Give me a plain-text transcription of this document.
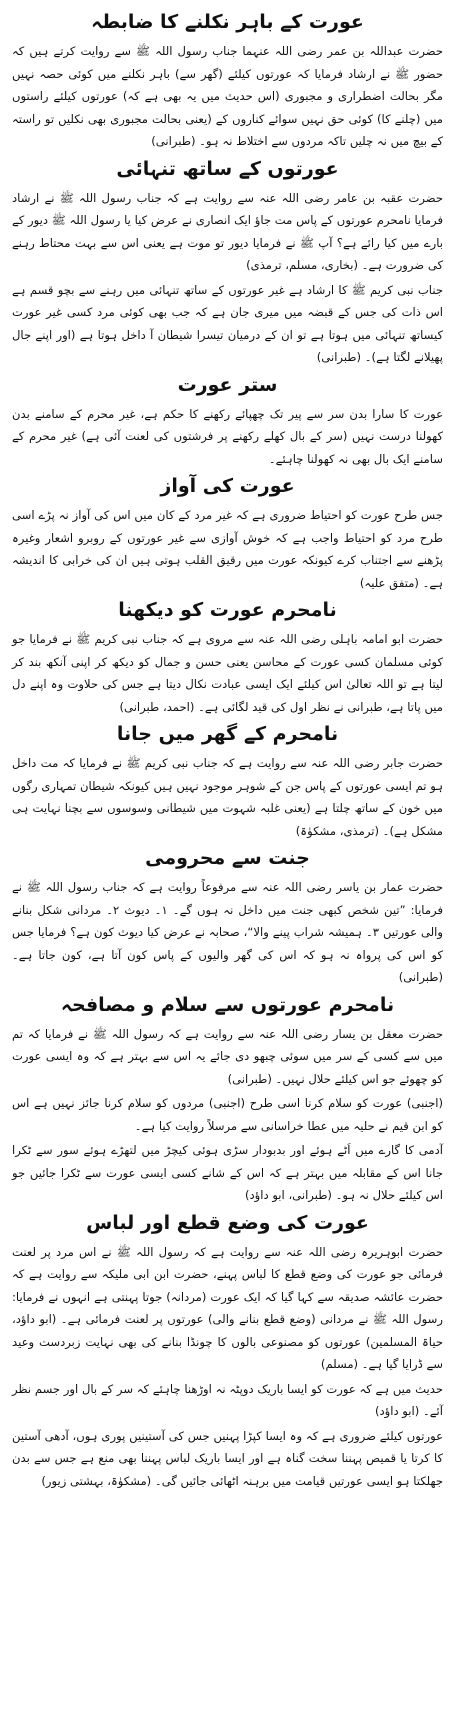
عورت کے باہر نکلنے کا ضابطہ

حضرت عبداللہ بن عمر رضی اللہ عنہما جناب رسول اللہ ﷺ سے روایت کرتے ہیں کہ حضور ﷺ نے ارشاد فرمایا کہ عورتوں کیلئے (گھر سے) باہر نکلنے میں کوئی حصہ نہیں مگر بحالت اضطراری و مجبوری (اس حدیث میں یہ بھی ہے کہ) عورتوں کیلئے راستوں میں (چلنے کا) کوئی حق نہیں سوائے کناروں کے (یعنی بحالت مجبوری بھی نکلیں تو راستہ کے بیچ میں نہ چلیں تاکہ مردوں سے اختلاط نہ ہو۔ (طبرانی)

عورتوں کے ساتھ تنہائی

حضرت عقبہ بن عامر رضی اللہ عنہ سے روایت ہے کہ جناب رسول اللہ ﷺ نے ارشاد فرمایا نامحرم عورتوں کے پاس مت جاؤ ایک انصاری نے عرض کیا یا رسول اللہ ﷺ دیور کے بارے میں کیا رائے ہے؟ آپ ﷺ نے فرمایا دیور تو موت ہے یعنی اس سے بہت محتاط رہنے کی ضرورت ہے۔ (بخاری، مسلم، ترمذی)

جناب نبی کریم ﷺ کا ارشاد ہے غیر عورتوں کے ساتھ تنہائی میں رہنے سے بچو قسم ہے اس ذات کی جس کے قبضہ میں میری جان ہے کہ جب بھی کوئی مرد کسی غیر عورت کیساتھ تنہائی میں ہوتا ہے تو ان کے درمیان تیسرا شیطان آ داخل ہوتا ہے (اور اپنے جال پھیلانے لگتا ہے)۔ (طبرانی)

ستر عورت

عورت کا سارا بدن سر سے پیر تک چھپائے رکھنے کا حکم ہے، غیر محرم کے سامنے بدن کھولنا درست نہیں (سر کے بال کھلے رکھنے پر فرشتوں کی لعنت آئی ہے) غیر محرم کے سامنے ایک بال بھی نہ کھولنا چاہئے۔

عورت کی آواز

جس طرح عورت کو احتیاط ضروری ہے کہ غیر مرد کے کان میں اس کی آواز نہ پڑے اسی طرح مرد کو احتیاط واجب ہے کہ خوش آوازی سے غیر عورتوں کے روبرو اشعار وغیرہ پڑھنے سے اجتناب کرے کیونکہ عورت میں رقیق القلب ہوتی ہیں ان کی خرابی کا اندیشہ ہے۔ (متفق علیہ)

نامحرم عورت کو دیکھنا

حضرت ابو امامہ باہلی رضی اللہ عنہ سے مروی ہے کہ جناب نبی کریم ﷺ نے فرمایا جو کوئی مسلمان کسی عورت کے محاسن یعنی حسن و جمال کو دیکھ کر اپنی آنکھ بند کر لیتا ہے تو اللہ تعالیٰ اس کیلئے ایک ایسی عبادت نکال دیتا ہے جس کی حلاوت وہ اپنے دل میں پاتا ہے، طبرانی نے نظر اول کی قید لگائی ہے۔ (احمد، طبرانی)

نامحرم کے گھر میں جانا

حضرت جابر رضی اللہ عنہ سے روایت ہے کہ جناب نبی کریم ﷺ نے فرمایا کہ مت داخل ہو تم ایسی عورتوں کے پاس جن کے شوہر موجود نہیں ہیں کیونکہ شیطان تمہاری رگوں میں خون کے ساتھ چلتا ہے (یعنی غلبہ شہوت میں شیطانی وسوسوں سے بچنا نہایت ہی مشکل ہے)۔ (ترمذی، مشکوٰۃ)

جنت سے محرومی

حضرت عمار بن یاسر رضی اللہ عنہ سے مرفوعاً روایت ہے کہ جناب رسول اللہ ﷺ نے فرمایا: ”تین شخص کبھی جنت میں داخل نہ ہوں گے۔ ۱۔ دیوث ۲۔ مردانی شکل بنانے والی عورتیں ۳۔ ہمیشہ شراب پینے والا“، صحابہ نے عرض کیا دیوث کون ہے؟ فرمایا جس کو اس کی پرواہ نہ ہو کہ اس کی گھر والیوں کے پاس کون آتا ہے، کون جاتا ہے۔ (طبرانی)

نامحرم عورتوں سے سلام و مصافحہ

حضرت معقل بن یسار رضی اللہ عنہ سے روایت ہے کہ رسول اللہ ﷺ نے فرمایا کہ تم میں سے کسی کے سر میں سوئی چبھو دی جائے یہ اس سے بہتر ہے کہ وہ ایسی عورت کو چھوئے جو اس کیلئے حلال نہیں۔ (طبرانی)

(اجنبی) عورت کو سلام کرنا اسی طرح (اجنبی) مردوں کو سلام کرنا جائز نہیں ہے اس کو ابن قیم نے حلیہ میں عطا خراسانی سے مرسلاً روایت کیا ہے۔

آدمی کا گارے میں اَٹے ہوئے اور بدبودار سڑی ہوئی کیچڑ میں لتھڑے ہوئے سور سے ٹکرا جانا اس کے مقابلہ میں بہتر ہے کہ اس کے شانے کسی ایسی عورت سے ٹکرا جائیں جو اس کیلئے حلال نہ ہو۔ (طبرانی، ابو داؤد)

عورت کی وضع قطع اور لباس

حضرت ابوہریرہ رضی اللہ عنہ سے روایت ہے کہ رسول اللہ ﷺ نے اس مرد پر لعنت فرمائی جو عورت کی وضع قطع کا لباس پہنے، حضرت ابن ابی ملیکہ سے روایت ہے کہ حضرت عائشہ صدیقہ سے کہا گیا کہ ایک عورت (مردانہ) جوتا پہنتی ہے انہوں نے فرمایا: رسول اللہ ﷺ نے مردانی (وضع قطع بنانے والی) عورتوں پر لعنت فرمائی ہے۔ (ابو داؤد، حیاۃ المسلمین) عورتوں کو مصنوعی بالوں کا چونڈا بنانے کی بھی نہایت زبردست وعید سے ڈرایا گیا ہے۔ (مسلم)

حدیث میں ہے کہ عورت کو ایسا باریک دوپٹہ نہ اوڑھنا چاہئے کہ سر کے بال اور جسم نظر آئے۔ (ابو داؤد)

عورتوں کیلئے ضروری ہے کہ وہ ایسا کپڑا پہنیں جس کی آستینیں پوری ہوں، آدھی آستین کا کرتا یا قمیص پہننا سخت گناہ ہے اور ایسا باریک لباس پہننا بھی منع ہے جس سے بدن جھلکتا ہو ایسی عورتیں قیامت میں برہنہ اٹھائی جائیں گی۔ (مشکوٰۃ، بہشتی زیور)
